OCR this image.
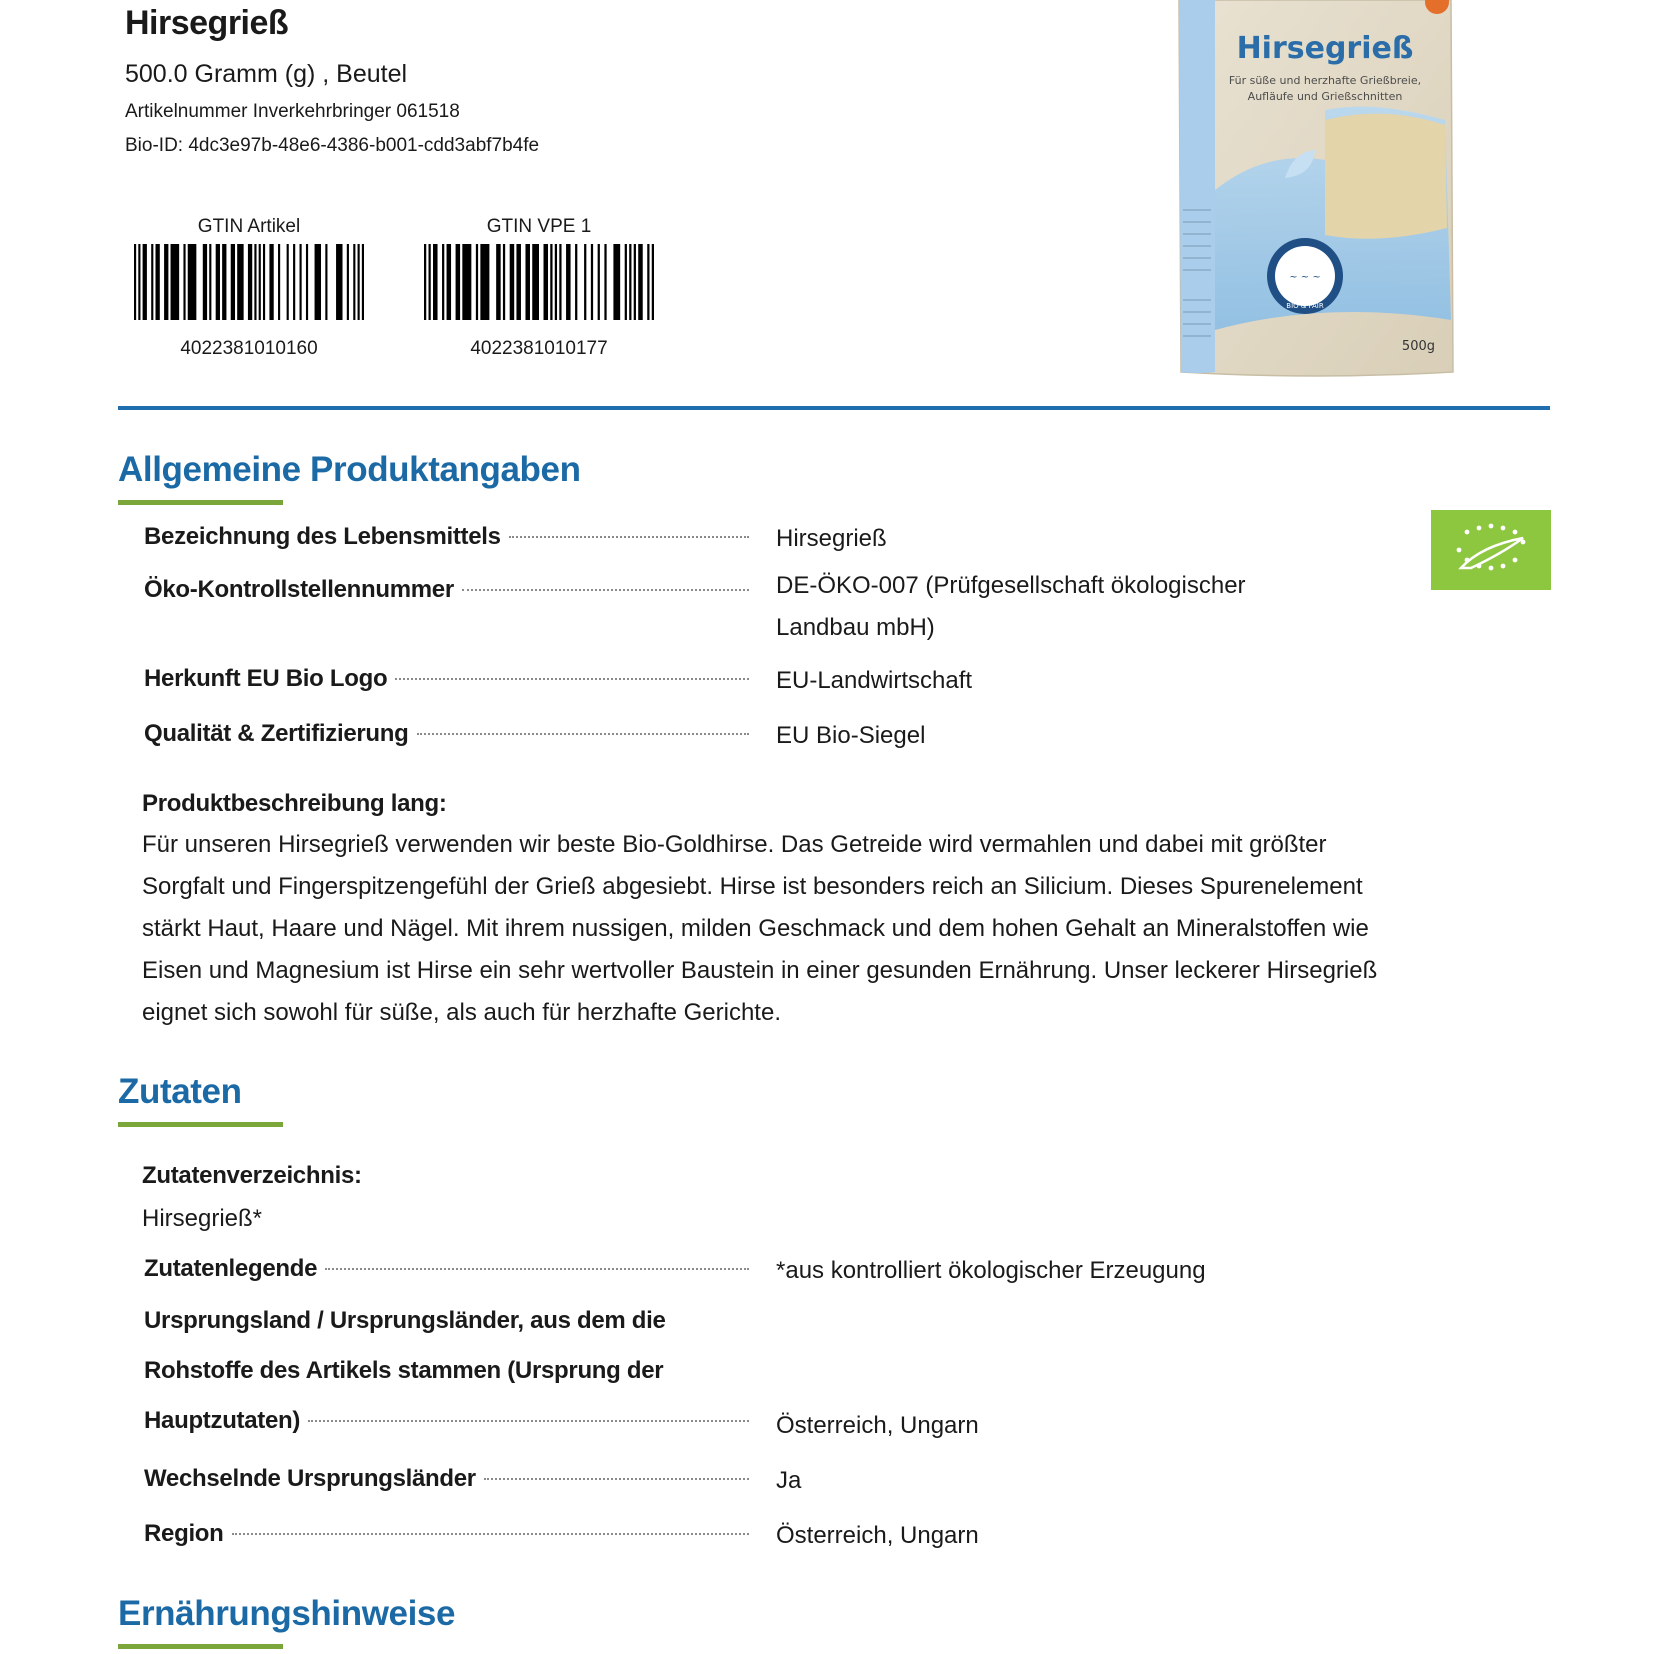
Hirsegrieß
500.0 Gramm (g) , Beutel
Artikelnummer Inverkehrbringer 061518
Bio-ID: 4dc3e97b-48e6-4386-b001-cdd3abf7b4fe
GTIN Artikel
4022381010160
GTIN VPE 1
4022381010177
~ ~ ~
BIO & FAIR
Hirsegrieß
Für süße und herzhafte Grießbreie,
Aufläufe und Grießschnitten
500g
Allgemeine Produktangaben
Bezeichnung des Lebensmittels	Hirsegrieß
Öko-Kontrollstellennummer	DE-ÖKO-007 (Prüfgesellschaft ökologischer Landbau mbH)
Herkunft EU Bio Logo	EU-Landwirtschaft
Qualität & Zertifizierung	EU Bio-Siegel
Produktbeschreibung lang:
Für unseren Hirsegrieß verwenden wir beste Bio-Goldhirse. Das Getreide wird vermahlen und dabei mit größter Sorgfalt und Fingerspitzengefühl der Grieß abgesiebt. Hirse ist besonders reich an Silicium. Dieses Spurenelement stärkt Haut, Haare und Nägel. Mit ihrem nussigen, milden Geschmack und dem hohen Gehalt an Mineralstoffen wie Eisen und Magnesium ist Hirse ein sehr wertvoller Baustein in einer gesunden Ernährung. Unser leckerer Hirsegrieß eignet sich sowohl für süße, als auch für herzhafte Gerichte.
Zutaten
Zutatenverzeichnis:
Hirsegrieß*
Zutatenlegende	*aus kontrolliert ökologischer Erzeugung
Ursprungsland / Ursprungsländer, aus dem die
Rohstoffe des Artikels stammen (Ursprung der
Hauptzutaten)	Österreich, Ungarn
Wechselnde Ursprungsländer	Ja
Region	Österreich, Ungarn
Ernährungshinweise
